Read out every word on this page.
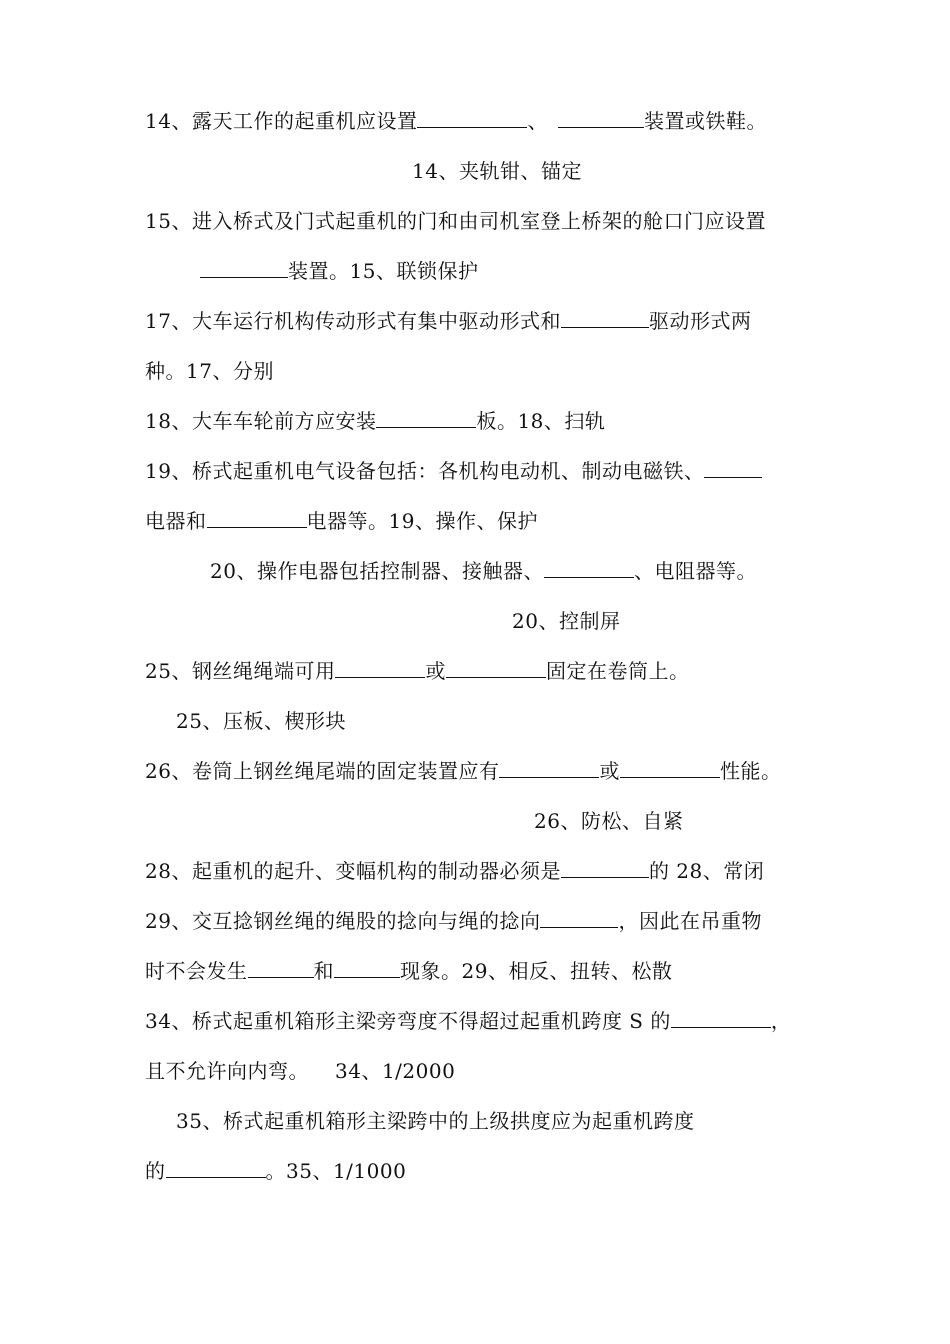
14、露天工作的起重机应设置	、	装置或铁鞋。
14、夹轨钳、锚定
15、进入桥式及门式起重机的门和由司机室登上桥架的舱口门应设置
装置。15、联锁保护
17、大车运行机构传动形式有集中驱动形式和	驱动形式两
种。17、分别
18、大车车轮前方应安装	板。18、扫轨
19、桥式起重机电气设备包括：各机构电动机、制动电磁铁、
电器和	电器等。19、操作、保护
20、操作电器包括控制器、接触器、	、电阻器等。
20、控制屏
25、钢丝绳绳端可用	或	固定在卷筒上。
25、压板、楔形块
26、卷筒上钢丝绳尾端的固定装置应有	或	性能。
26、防松、自紧
28、起重机的起升、变幅机构的制动器必须是	的 28、常闭
29、交互捻钢丝绳的绳股的捻向与绳的捻向	，因此在吊重物
时不会发生	和	现象。29、相反、扭转、松散
34、桥式起重机箱形主梁旁弯度不得超过起重机跨度 S 的	，
且不允许向内弯。 34、1/2000
35、桥式起重机箱形主梁跨中的上级拱度应为起重机跨度
的	。35、1/1000
